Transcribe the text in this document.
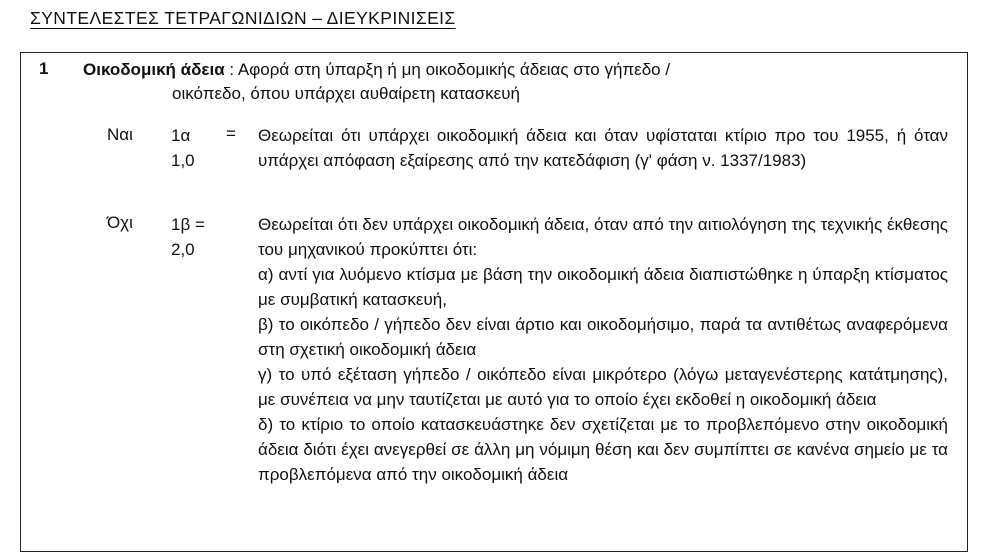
ΣΥΝΤΕΛΕΣΤΕΣ ΤΕΤΡΑΓΩΝΙΔΙΩΝ – ΔΙΕΥΚΡΙΝΙΣΕΙΣ
1 Οικοδομική άδεια : Αφορά στη ύπαρξη ή μη οικοδομικής άδειας στο γήπεδο /
οικόπεδο, όπου υπάρχει αυθαίρετη κατασκευή
Ναι 1α
1,0
= Θεωρείται ότι υπάρχει οικοδομική άδεια και όταν υφίσταται κτίριο προ του 1955, ή όταν υπάρχει απόφαση εξαίρεσης από την κατεδάφιση (γ' φάση ν. 1337/1983)

Όχι 1β =
2,0

Θεωρείται ότι δεν υπάρχει οικοδομική άδεια, όταν από την αιτιολόγηση της τεχνικής έκθεσης του μηχανικού προκύπτει ότι:

α) αντί για λυόμενο κτίσμα με βάση την οικοδομική άδεια διαπιστώθηκε η ύπαρξη κτίσματος με συμβατική κατασκευή,

β) το οικόπεδο / γήπεδο δεν είναι άρτιο και οικοδομήσιμο, παρά τα αντιθέτως αναφερόμενα στη σχετική οικοδομική άδεια

γ) το υπό εξέταση γήπεδο / οικόπεδο είναι μικρότερο (λόγω μεταγενέστερης κατάτμησης), με συνέπεια να μην ταυτίζεται με αυτό για το οποίο έχει εκδοθεί η οικοδομική άδεια

δ) το κτίριο το οποίο κατασκευάστηκε δεν σχετίζεται με το προβλεπόμενο στην οικοδομική άδεια διότι έχει ανεγερθεί σε άλλη μη νόμιμη θέση και δεν συμπίπτει σε κανένα σημείο με τα προβλεπόμενα από την οικοδομική άδεια
